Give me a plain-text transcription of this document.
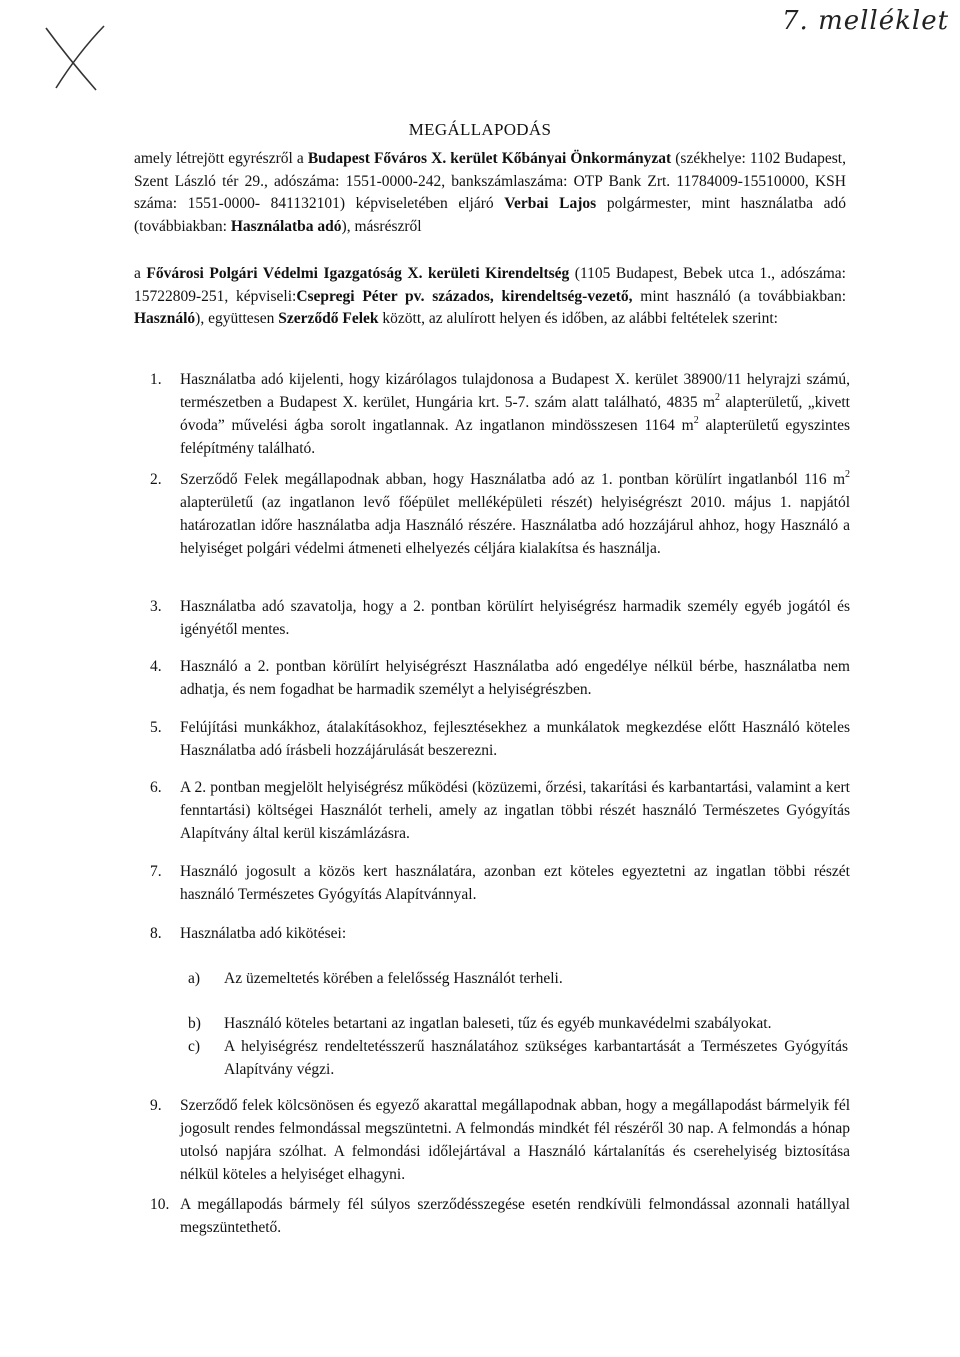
7. melléklet
MEGÁLLAPODÁS
amely létrejött egyrészről a Budapest Főváros X. kerület Kőbányai Önkormányzat (székhelye: 1102 Budapest, Szent László tér 29., adószáma: 1551-0000-242, bankszámlaszáma: OTP Bank Zrt. 11784009-15510000, KSH száma: 1551-0000- 841132101) képviseletében eljáró Verbai Lajos polgármester, mint használatba adó (továbbiakban: Használatba adó), másrészről
a Fővárosi Polgári Védelmi Igazgatóság X. kerületi Kirendeltség (1105 Budapest, Bebek utca 1., adószáma: 15722809-251, képviseli:Csepregi Péter pv. százados, kirendeltség-vezető, mint használó (a továbbiakban: Használó), együttesen Szerződő Felek között, az alulírott helyen és időben, az alábbi feltételek szerint:
1.	Használatba adó kijelenti, hogy kizárólagos tulajdonosa a Budapest X. kerület 38900/11 helyrajzi számú, természetben a Budapest X. kerület, Hungária krt. 5-7. szám alatt található, 4835 $m^2$ alapterületű, „kivett óvoda” művelési ágba sorolt ingatlannak. Az ingatlanon mindösszesen 1164 $m^2$ alapterületű egyszintes felépítmény található.
2.	Szerződő Felek megállapodnak abban, hogy Használatba adó az 1. pontban körülírt ingatlanból 116 $m^2$ alapterületű (az ingatlanon levő főépület melléképületi részét) helyiségrészt 2010. május 1. napjától határozatlan időre használatba adja Használó részére. Használatba adó hozzájárul ahhoz, hogy Használó a helyiséget polgári védelmi átmeneti elhelyezés céljára kialakítsa és használja.
3.	Használatba adó szavatolja, hogy a 2. pontban körülírt helyiségrész harmadik személy egyéb jogától és igényétől mentes.
4.	Használó a 2. pontban körülírt helyiségrészt Használatba adó engedélye nélkül bérbe, használatba nem adhatja, és nem fogadhat be harmadik személyt a helyiségrészben.
5.	Felújítási munkákhoz, átalakításokhoz, fejlesztésekhez a munkálatok megkezdése előtt Használó köteles Használatba adó írásbeli hozzájárulását beszerezni.
6.	A 2. pontban megjelölt helyiségrész működési (közüzemi, őrzési, takarítási és karbantartási, valamint a kert fenntartási) költségei Használót terheli, amely az ingatlan többi részét használó Természetes Gyógyítás Alapítvány által kerül kiszámlázásra.
7.	Használó jogosult a közös kert használatára, azonban ezt köteles egyeztetni az ingatlan többi részét használó Természetes Gyógyítás Alapítvánnyal.
8.	Használatba adó kikötései:
a)	Az üzemeltetés körében a felelősség Használót terheli.
b)	Használó köteles betartani az ingatlan baleseti, tűz és egyéb munkavédelmi szabályokat.
c)	A helyiségrész rendeltetésszerű használatához szükséges karbantartását a Természetes Gyógyítás Alapítvány végzi.
9.	Szerződő felek kölcsönösen és egyező akarattal megállapodnak abban, hogy a megállapodást bármelyik fél jogosult rendes felmondással megszüntetni. A felmondás mindkét fél részéről 30 nap. A felmondás a hónap utolsó napjára szólhat. A felmondási időlejártával a Használó kártalanítás és cserehelyiség biztosítása nélkül köteles a helyiséget elhagyni.
10. A megállapodás bármely fél súlyos szerződésszegése esetén rendkívüli felmondással azonnali hatállyal megszüntethető.
